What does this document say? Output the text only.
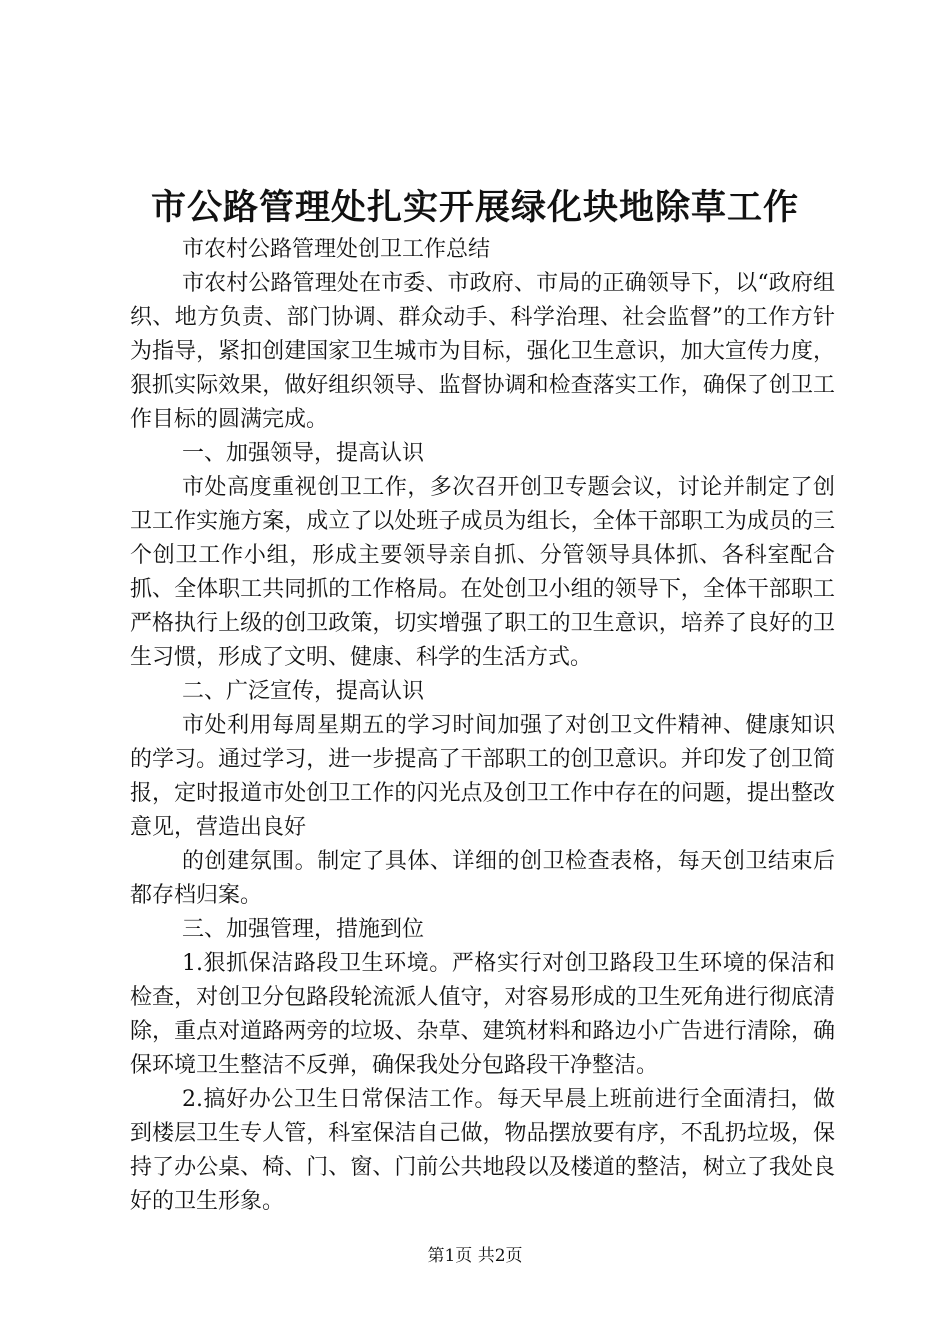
市公路管理处扎实开展绿化块地除草工作

市农村公路管理处创卫工作总结

市农村公路管理处在市委、市政府、市局的正确领导下，以“政府组织、地方负责、部门协调、群众动手、科学治理、社会监督”的工作方针为指导，紧扣创建国家卫生城市为目标，强化卫生意识，加大宣传力度，狠抓实际效果，做好组织领导、监督协调和检查落实工作，确保了创卫工作目标的圆满完成。

一、加强领导，提高认识

市处高度重视创卫工作，多次召开创卫专题会议，讨论并制定了创卫工作实施方案，成立了以处班子成员为组长，全体干部职工为成员的三个创卫工作小组，形成主要领导亲自抓、分管领导具体抓、各科室配合抓、全体职工共同抓的工作格局。在处创卫小组的领导下，全体干部职工严格执行上级的创卫政策，切实增强了职工的卫生意识，培养了良好的卫生习惯，形成了文明、健康、科学的生活方式。

二、广泛宣传，提高认识

市处利用每周星期五的学习时间加强了对创卫文件精神、健康知识的学习。通过学习，进一步提高了干部职工的创卫意识。并印发了创卫简报，定时报道市处创卫工作的闪光点及创卫工作中存在的问题，提出整改意见，营造出良好

的创建氛围。制定了具体、详细的创卫检查表格，每天创卫结束后都存档归案。

三、加强管理，措施到位

1.狠抓保洁路段卫生环境。严格实行对创卫路段卫生环境的保洁和检查，对创卫分包路段轮流派人值守，对容易形成的卫生死角进行彻底清除，重点对道路两旁的垃圾、杂草、建筑材料和路边小广告进行清除，确保环境卫生整洁不反弹，确保我处分包路段干净整洁。

2.搞好办公卫生日常保洁工作。每天早晨上班前进行全面清扫，做到楼层卫生专人管，科室保洁自己做，物品摆放要有序，不乱扔垃圾，保持了办公桌、椅、门、窗、门前公共地段以及楼道的整洁，树立了我处良好的卫生形象。

第1页 共2页
